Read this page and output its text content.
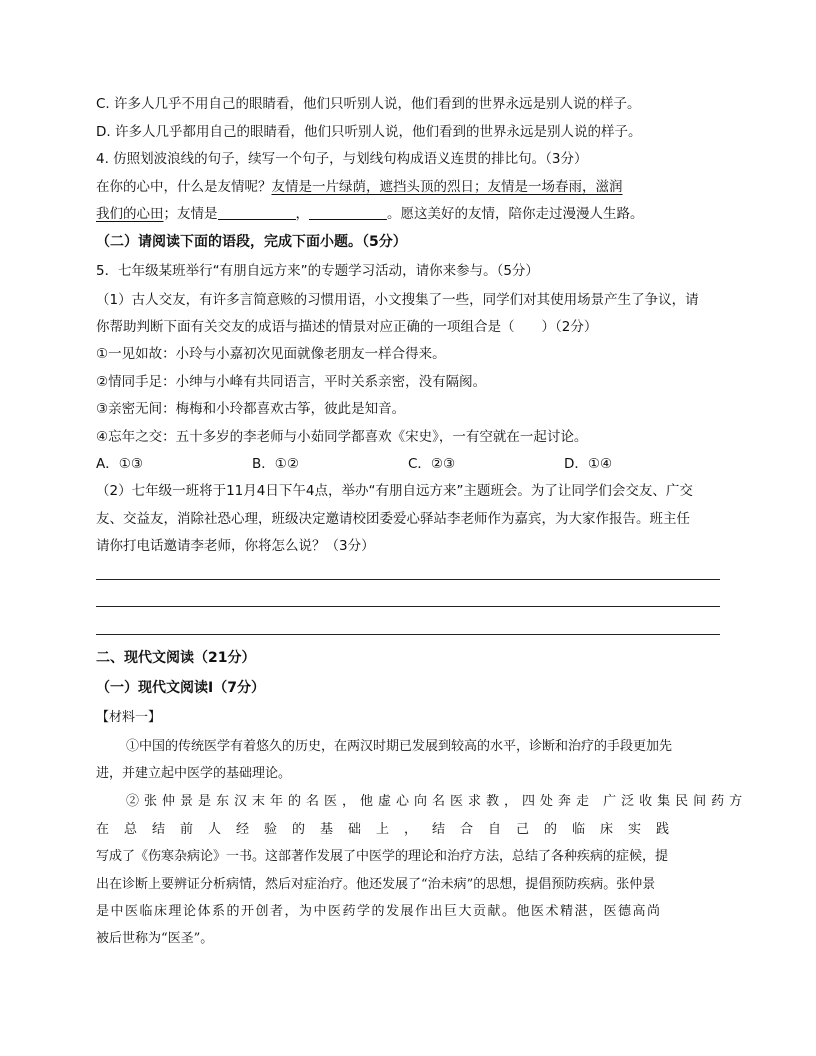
C. 许多人几乎不用自己的眼睛看，他们只听别人说，他们看到的世界永远是别人说的样子。
D. 许多人几乎都用自己的眼睛看，他们只听别人说，他们看到的世界永远是别人说的样子。
4. 仿照划波浪线的句子，续写一个句子，与划线句构成语义连贯的排比句。（3分）
在你的心中，什么是友情呢？友情是一片绿荫，遮挡头顶的烈日；友情是一场春雨，滋润
我们的心田；友情是	，	。愿这美好的友情，陪你走过漫漫人生路。
（二）请阅读下面的语段，完成下面小题。（5分）
5．七年级某班举行“有朋自远方来”的专题学习活动，请你来参与。（5分）
（1）古人交友，有许多言简意赅的习惯用语，小文搜集了一些，同学们对其使用场景产生了争议，请
你帮助判断下面有关交友的成语与描述的情景对应正确的一项组合是（　　）（2分）
①一见如故：小玲与小嘉初次见面就像老朋友一样合得来。
②情同手足：小绅与小峰有共同语言，平时关系亲密，没有隔阂。
③亲密无间：梅梅和小玲都喜欢古筝，彼此是知音。
④忘年之交：五十多岁的李老师与小茹同学都喜欢《宋史》，一有空就在一起讨论。
A．①③	B．①②	C．②③	D．①④
（2）七年级一班将于11月4日下午4点，举办“有朋自远方来”主题班会。为了让同学们会交友、广交
友、交益友，消除社恐心理，班级决定邀请校团委爱心驿站李老师作为嘉宾，为大家作报告。班主任
请你打电话邀请李老师，你将怎么说？（3分）
二、现代文阅读（21分）
（一）现代文阅读Ⅰ（7分）
【材料一】
①中国的传统医学有着悠久的历史，在两汉时期已发展到较高的水平，诊断和治疗的手段更加先
进，并建立起中医学的基础理论。
②张仲景是东汉末年的名医，他虚心向名医求教，四处奔走 广泛收集民间药方
在总结前人经验的基础上，结合自己的临床实践
写成了《伤寒杂病论》一书。这部著作发展了中医学的理论和治疗方法，总结了各种疾病的症候，提
出在诊断上要辨证分析病情，然后对症治疗。他还发展了“治未病”的思想，提倡预防疾病。张仲景
是中医临床理论体系的开创者，为中医药学的发展作出巨大贡献。他医术精湛，医德高尚
被后世称为“医圣”。
